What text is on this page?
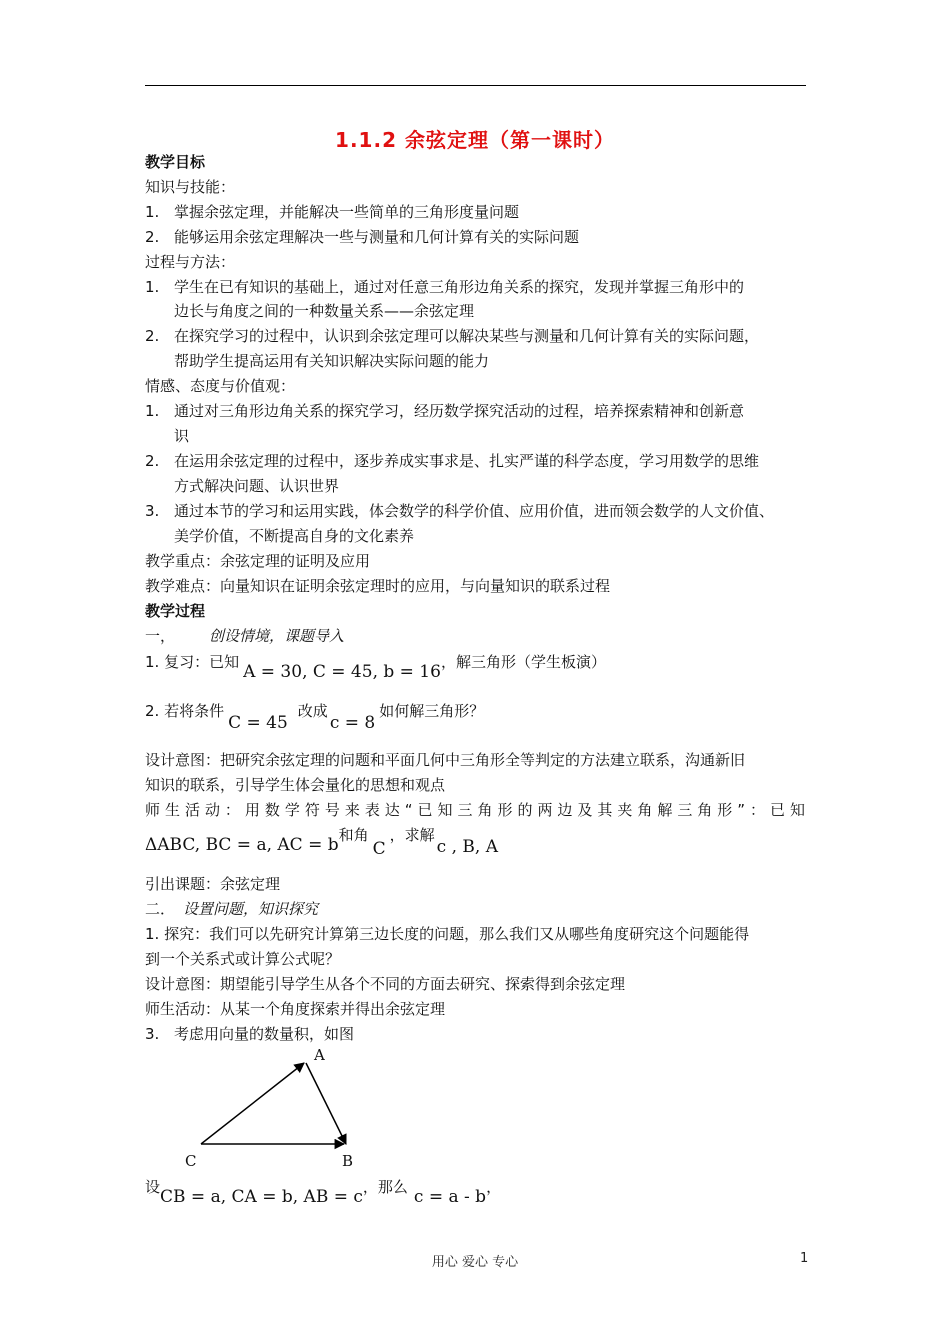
1.1.2 余弦定理（第一课时）
教学目标
知识与技能：
1. 掌握余弦定理，并能解决一些简单的三角形度量问题
2. 能够运用余弦定理解决一些与测量和几何计算有关的实际问题
过程与方法：
1. 学生在已有知识的基础上，通过对任意三角形边角关系的探究，发现并掌握三角形中的
边长与角度之间的一种数量关系——余弦定理
2. 在探究学习的过程中，认识到余弦定理可以解决某些与测量和几何计算有关的实际问题，
帮助学生提高运用有关知识解决实际问题的能力
情感、态度与价值观：
1. 通过对三角形边角关系的探究学习，经历数学探究活动的过程，培养探索精神和创新意
识
2. 在运用余弦定理的过程中，逐步养成实事求是、扎实严谨的科学态度，学习用数学的思维
方式解决问题、认识世界
3. 通过本节的学习和运用实践，体会数学的科学价值、应用价值，进而领会数学的人文价值、
美学价值，不断提高自身的文化素养
教学重点：余弦定理的证明及应用
教学难点：向量知识在证明余弦定理时的应用，与向量知识的联系过程
教学过程
一， 创设情境，课题导入
1. 复习：已知 A = 30, C = 45, b = 16，解三角形（学生板演）
2. 若将条件C = 45改成c = 8如何解三角形？
设计意图：把研究余弦定理的问题和平面几何中三角形全等判定的方法建立联系，沟通新旧
知识的联系，引导学生体会量化的思想和观点
师生活动：用数学符号来表达“已知三角形的两边及其夹角解三角形”：已知
ΔABC, BC = a, AC = b和角C，求解c , B, A
引出课题：余弦定理
二． 设置问题，知识探究
1. 探究：我们可以先研究计算第三边长度的问题，那么我们又从哪些角度研究这个问题能得
到一个关系式或计算公式呢？
设计意图：期望能引导学生从各个不同的方面去研究、探索得到余弦定理
师生活动：从某一个角度探索并得出余弦定理
3. 考虑用向量的数量积，如图
A
B
C
设CB = a, CA = b, AB = c，那么 c = a - b，
用心 爱心 专心	1
